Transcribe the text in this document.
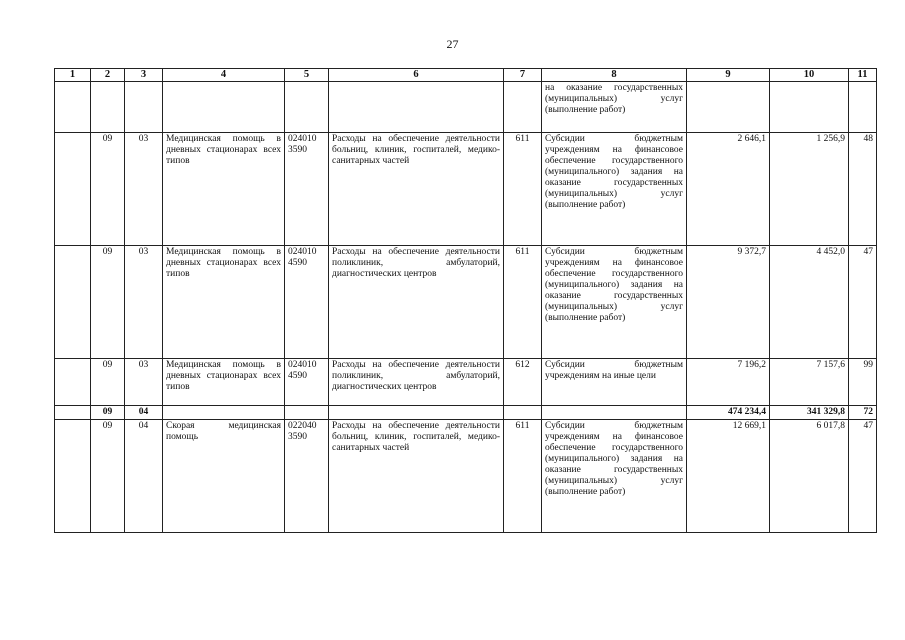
27
1	2	3	4	5	6	7	8	9	10	11
							на оказание государственных (муниципальных) услуг (выполнение работ)			
	09	03	Медицинская помощь в дневных стационарах всех типов	024010 3590	Расходы на обеспечение деятельности больниц, клиник, госпиталей, медико-санитарных частей	611	Субсидии бюджетным учреждениям на финансовое обеспечение государственного (муниципального) задания на оказание государственных (муниципальных) услуг (выполнение работ)	2 646,1	1 256,9	48
	09	03	Медицинская помощь в дневных стационарах всех типов	024010 4590	Расходы на обеспечение деятельности поликлиник, амбулаторий, диагностических центров	611	Субсидии бюджетным учреждениям на финансовое обеспечение государственного (муниципального) задания на оказание государственных (муниципальных) услуг (выполнение работ)	9 372,7	4 452,0	47
	09	03	Медицинская помощь в дневных стационарах всех типов	024010 4590	Расходы на обеспечение деятельности поликлиник, амбулаторий, диагностических центров	612	Субсидии бюджетным учреждениям на иные цели	7 196,2	7 157,6	99
	09	04						474 234,4	341 329,8	72
	09	04	Скорая медицинская помощь	022040 3590	Расходы на обеспечение деятельности больниц, клиник, госпиталей, медико-санитарных частей	611	Субсидии бюджетным учреждениям на финансовое обеспечение государственного (муниципального) задания на оказание государственных (муниципальных) услуг (выполнение работ)	12 669,1	6 017,8	47
